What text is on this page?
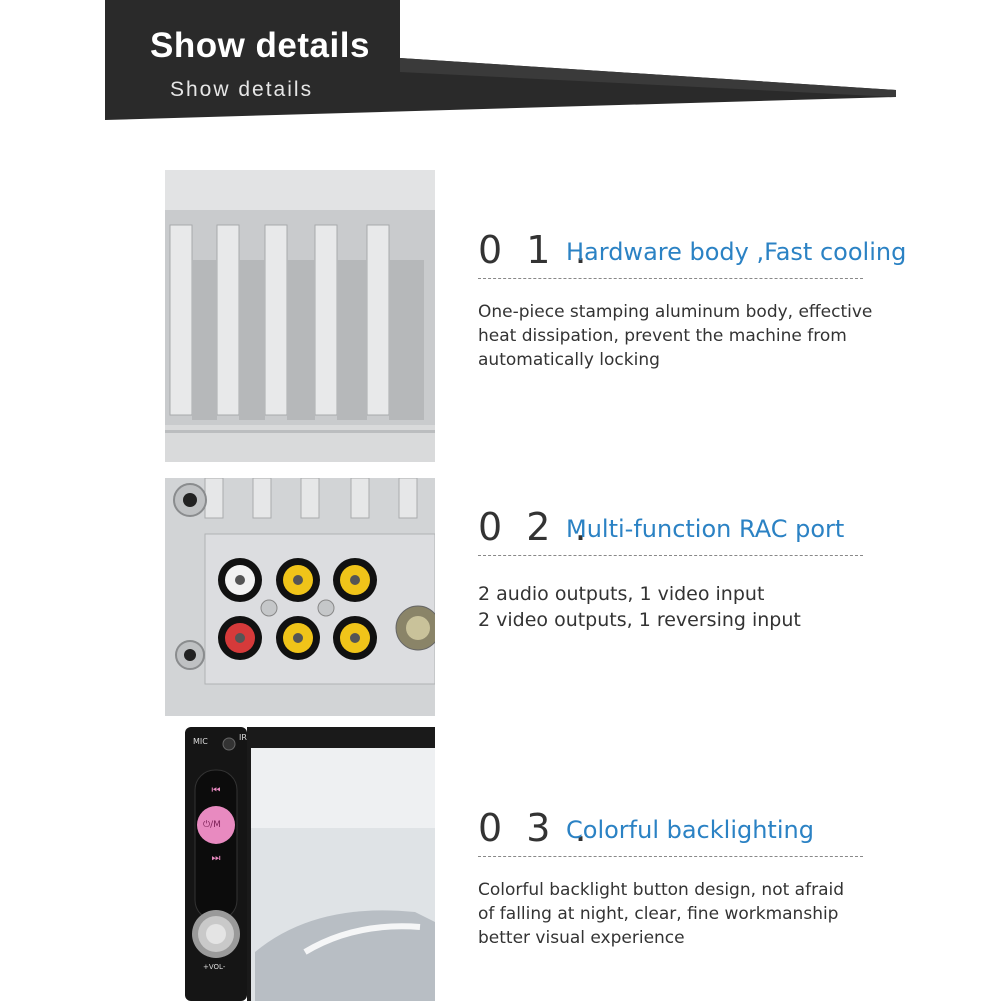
Show details
Show details
⏮
⏭
MIC	IR
⏻/M
+VOL-
0 1 .
Hardware body ,Fast cooling
One-piece stamping aluminum body, effective
heat dissipation, prevent the machine from
automatically locking
0 2 .
Multi-function RAC port
2 audio outputs, 1 video input
2 video outputs, 1 reversing input
0 3 .
Colorful backlighting
Colorful backlight button design, not afraid
of falling at night, clear, fine workmanship
better visual experience
